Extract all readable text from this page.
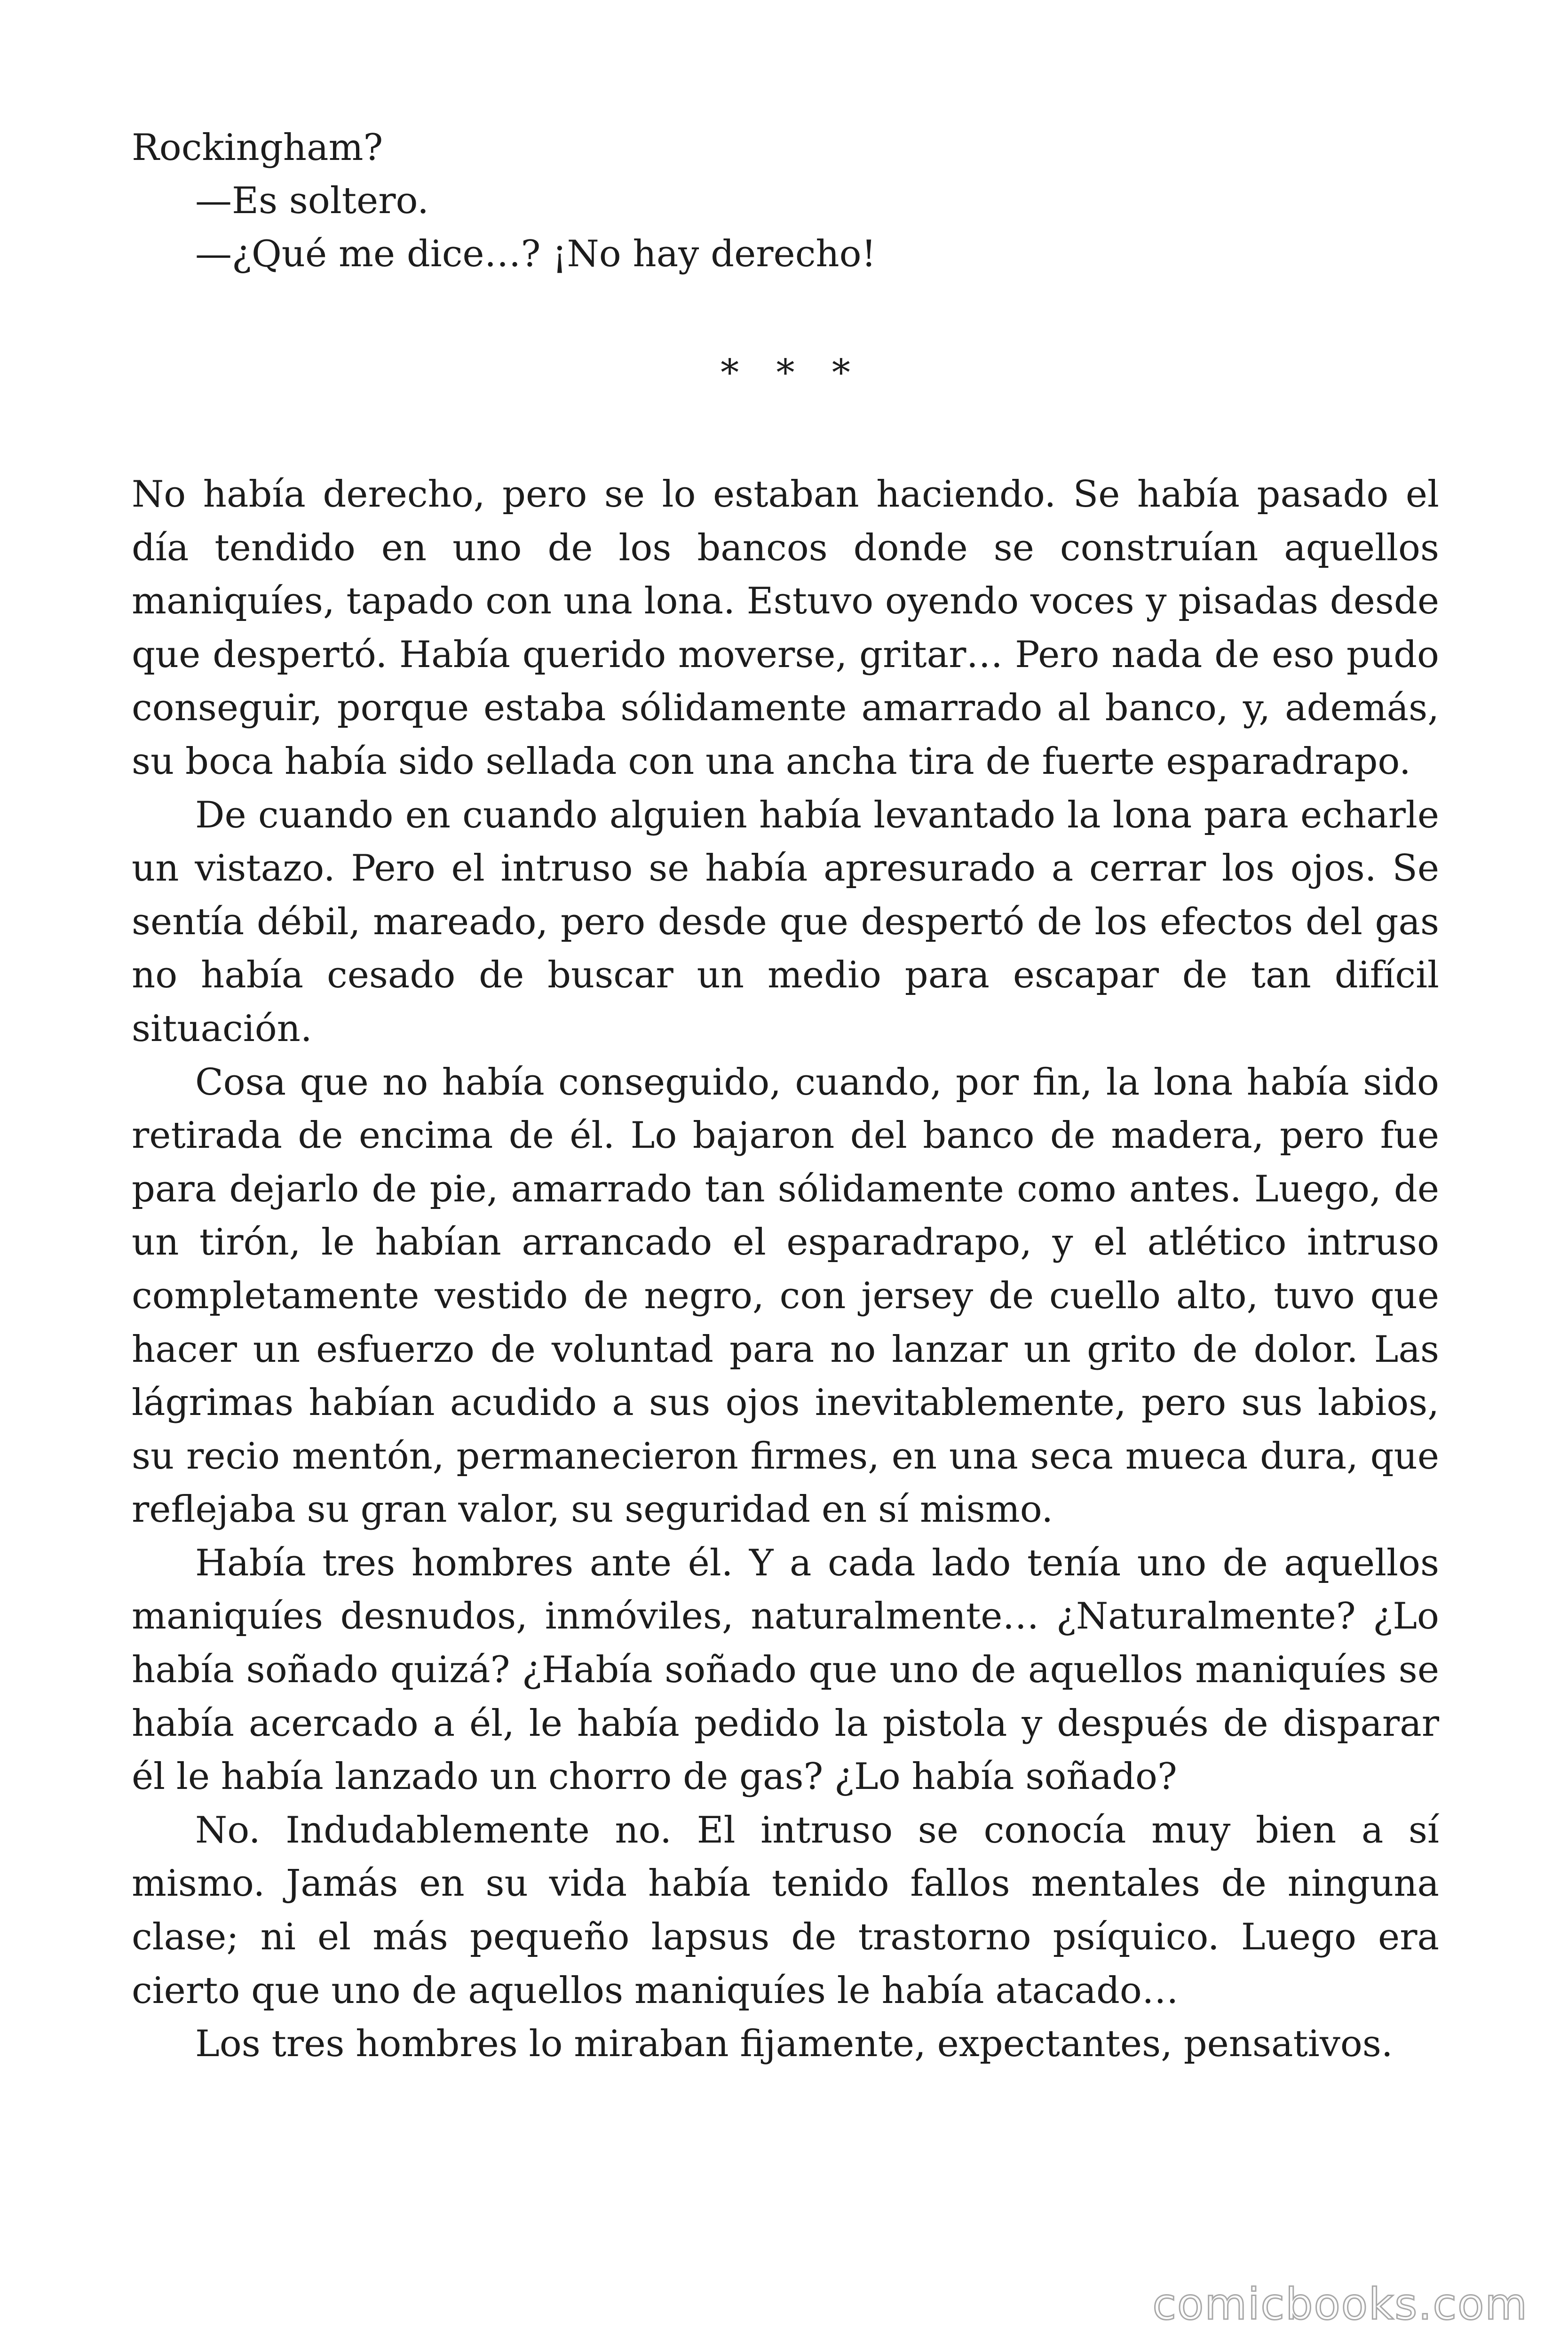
Rockingham?

—Es soltero.

—¿Qué me dice…? ¡No hay derecho!

* * *

No había derecho, pero se lo estaban haciendo. Se había pasado el día tendido en uno de los bancos donde se construían aquellos maniquíes, tapado con una lona. Estuvo oyendo voces y pisadas desde que despertó. Había querido moverse, gritar… Pero nada de eso pudo conseguir, porque estaba sólidamente amarrado al banco, y, además, su boca había sido sellada con una ancha tira de fuerte esparadrapo.

De cuando en cuando alguien había levantado la lona para echarle un vistazo. Pero el intruso se había apresurado a cerrar los ojos. Se sentía débil, mareado, pero desde que despertó de los efectos del gas no había cesado de buscar un medio para escapar de tan difícil situación.

Cosa que no había conseguido, cuando, por fin, la lona había sido retirada de encima de él. Lo bajaron del banco de madera, pero fue para dejarlo de pie, amarrado tan sólidamente como antes. Luego, de un tirón, le habían arrancado el esparadrapo, y el atlético intruso completamente vestido de negro, con jersey de cuello alto, tuvo que hacer un esfuerzo de voluntad para no lanzar un grito de dolor. Las lágrimas habían acudido a sus ojos inevitablemente, pero sus labios, su recio mentón, permanecieron firmes, en una seca mueca dura, que reflejaba su gran valor, su seguridad en sí mismo.

Había tres hombres ante él. Y a cada lado tenía uno de aquellos maniquíes desnudos, inmóviles, naturalmente… ¿Naturalmente? ¿Lo había soñado quizá? ¿Había soñado que uno de aquellos maniquíes se había acercado a él, le había pedido la pistola y después de disparar él le había lanzado un chorro de gas? ¿Lo había soñado?

No. Indudablemente no. El intruso se conocía muy bien a sí mismo. Jamás en su vida había tenido fallos mentales de ninguna clase; ni el más pequeño lapsus de trastorno psíquico. Luego era cierto que uno de aquellos maniquíes le había atacado…

Los tres hombres lo miraban fijamente, expectantes, pensativos.

comicbooks.com
